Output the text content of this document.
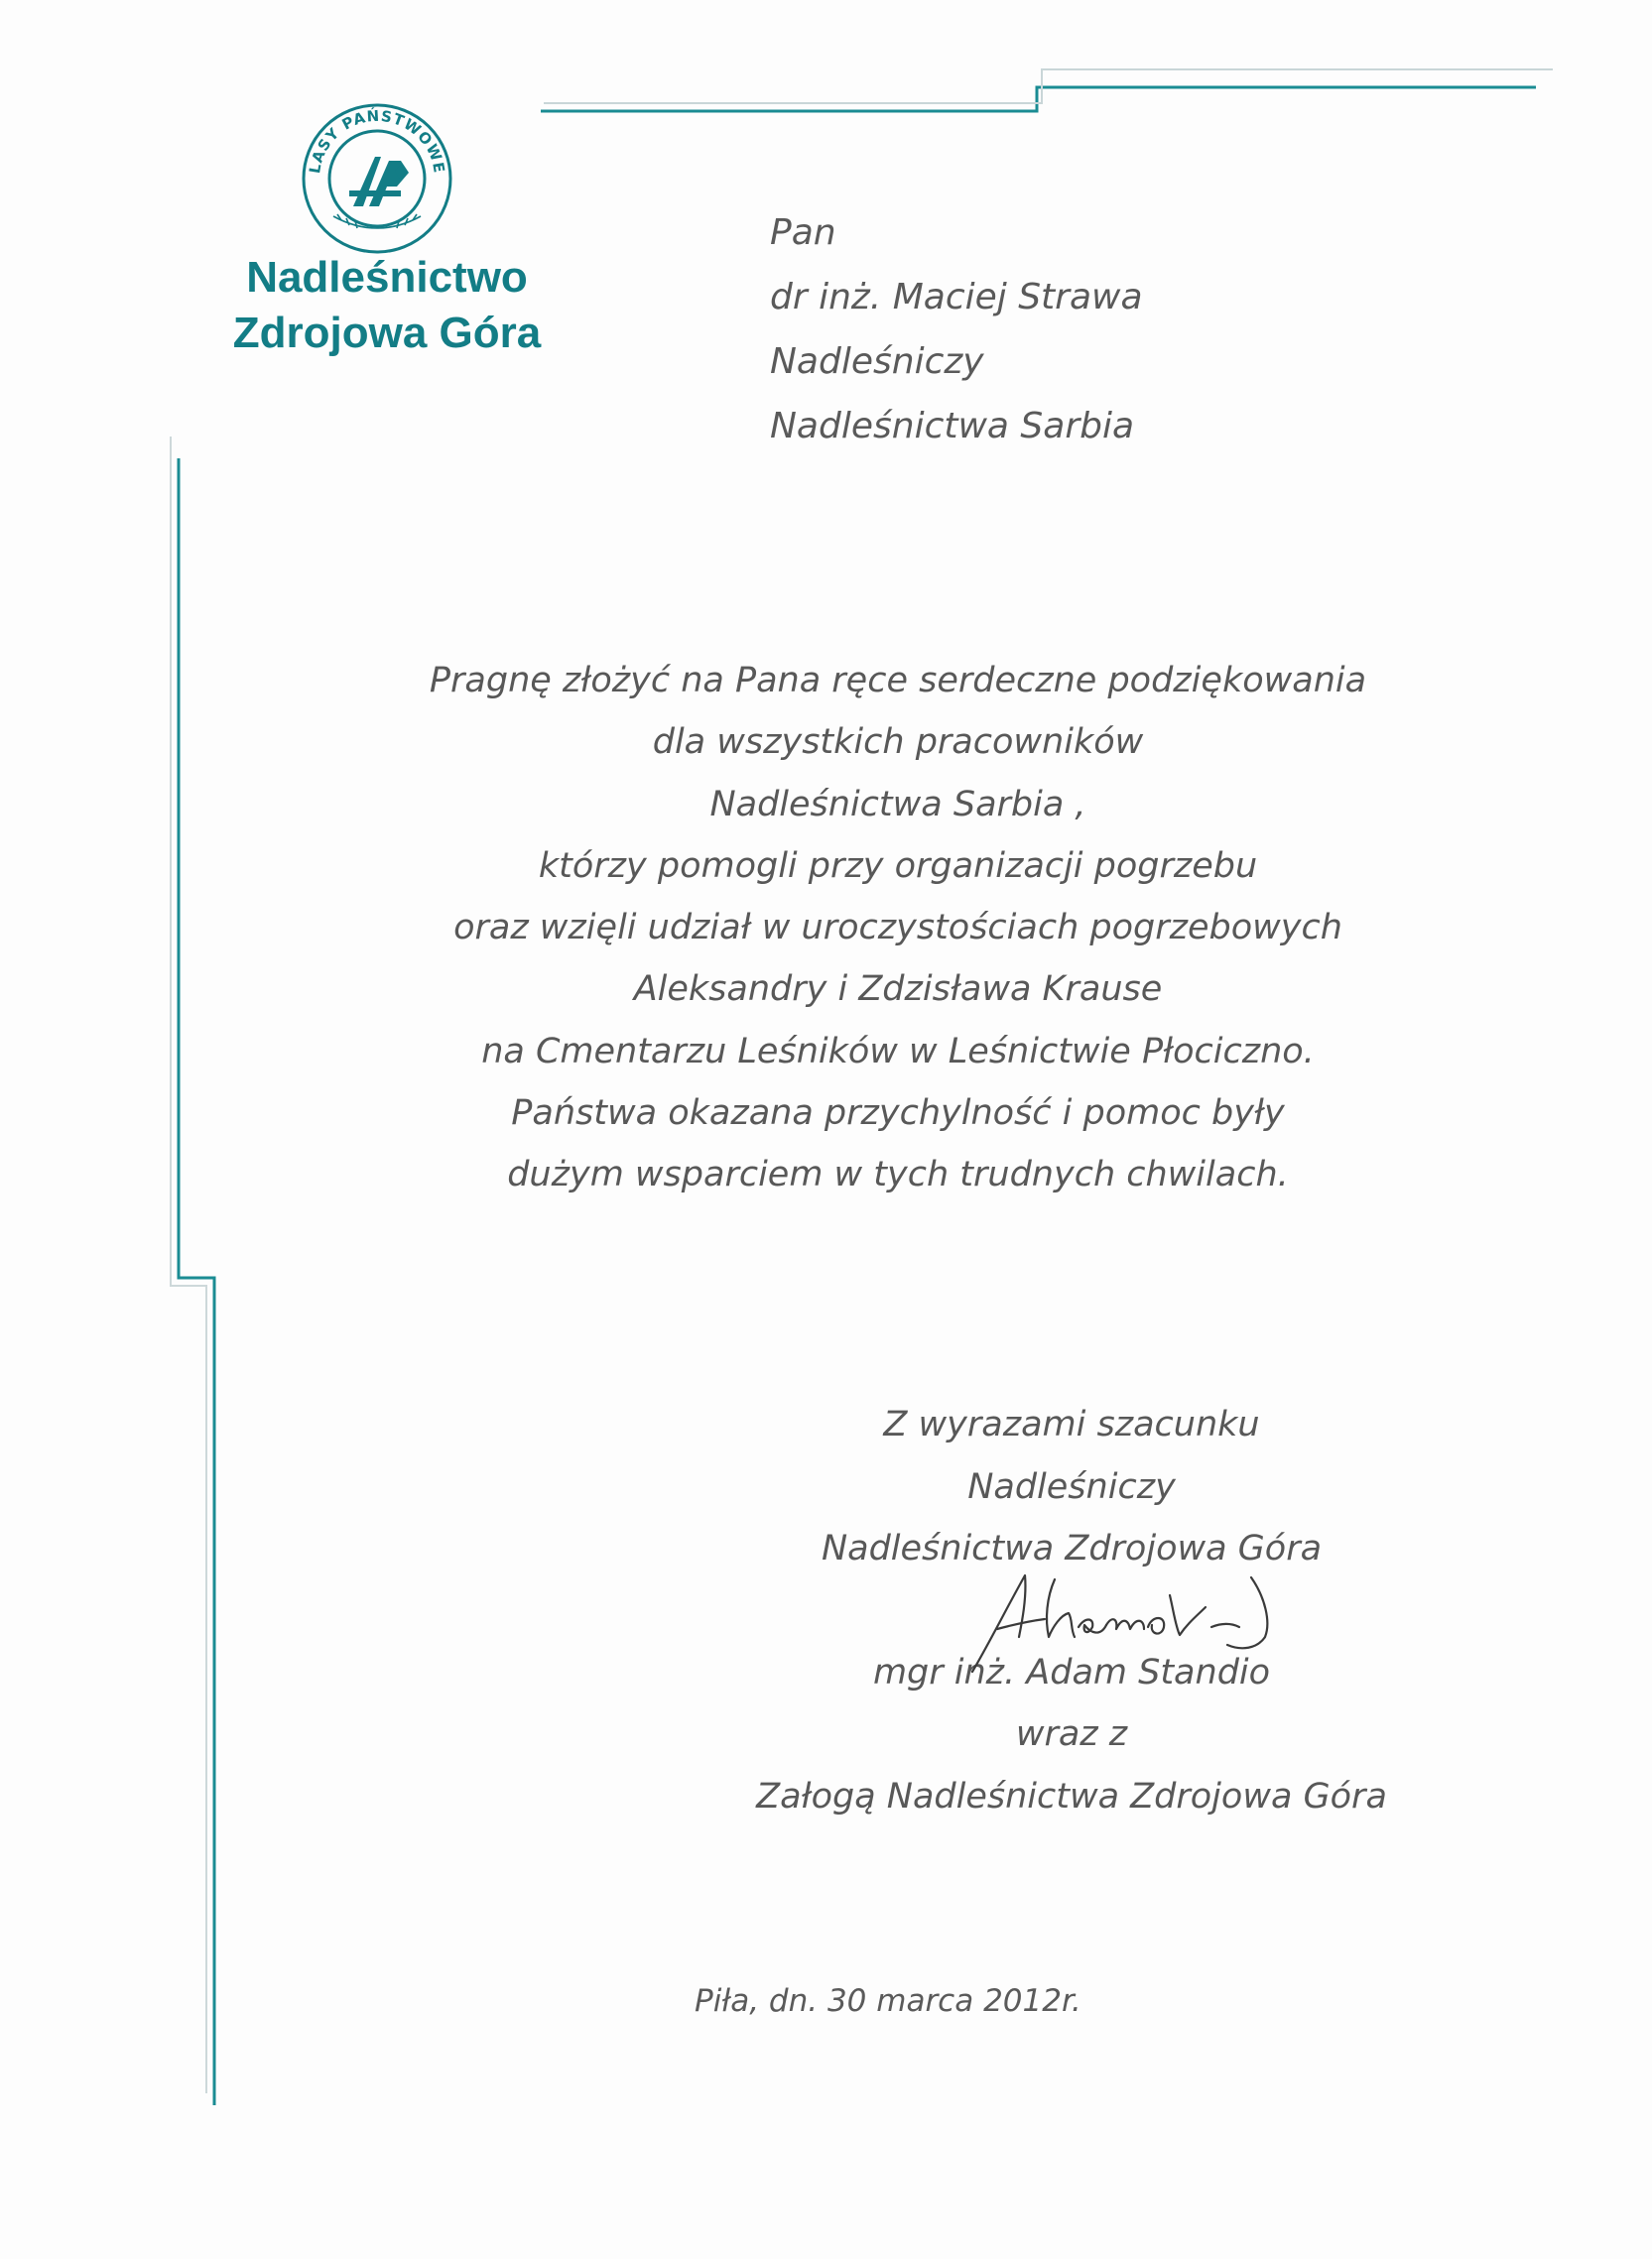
LASY PAŃSTWOWE
Nadleśnictwo
Zdrojowa Góra
Pan
dr inż. Maciej Strawa
Nadleśniczy
Nadleśnictwa Sarbia
Pragnę złożyć na Pana ręce serdeczne podziękowania
dla wszystkich pracowników
Nadleśnictwa Sarbia ,
którzy pomogli przy organizacji pogrzebu
oraz wzięli udział w uroczystościach pogrzebowych
Aleksandry i Zdzisława Krause
na Cmentarzu Leśników w Leśnictwie Płociczno.
Państwa okazana przychylność i pomoc były
dużym wsparciem w tych trudnych chwilach.
Z wyrazami szacunku
Nadleśniczy
Nadleśnictwa Zdrojowa Góra
mgr inż. Adam Standio
wraz z
Załogą Nadleśnictwa Zdrojowa Góra
Piła, dn. 30 marca 2012r.
